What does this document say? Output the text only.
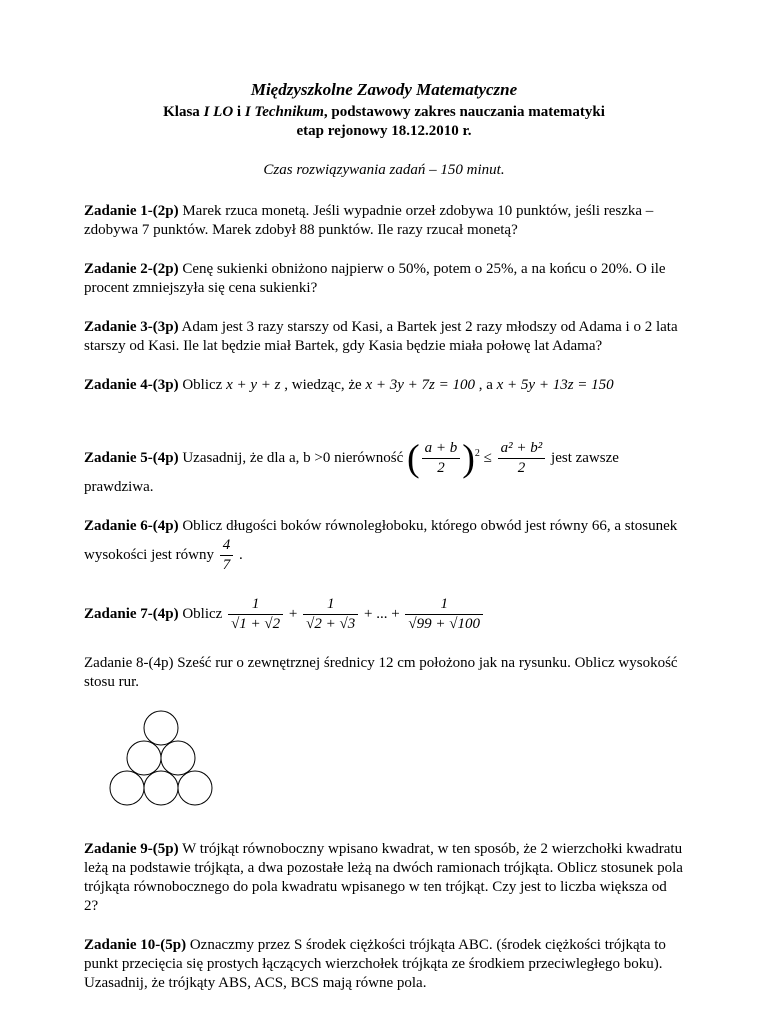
Międzyszkolne Zawody Matematyczne
Klasa I LO i I Technikum, podstawowy zakres nauczania matematyki
etap rejonowy 18.12.2010 r.
Czas rozwiązywania zadań – 150 minut.
Zadanie 1-(2p) Marek rzuca monetą. Jeśli wypadnie orzeł zdobywa 10 punktów, jeśli reszka – zdobywa 7 punktów. Marek zdobył 88 punktów. Ile razy rzucał monetą?
Zadanie 2-(2p) Cenę sukienki obniżono najpierw o 50%, potem o 25%, a na końcu o 20%. O ile procent zmniejszyła się cena sukienki?
Zadanie 3-(3p) Adam jest 3 razy starszy od Kasi, a Bartek jest 2 razy młodszy od Adama i o 2 lata starszy od Kasi. Ile lat będzie miał Bartek, gdy Kasia będzie miała połowę lat Adama?
Zadanie 4-(3p) Oblicz x + y + z , wiedząc, że x + 3y + 7z = 100 , a x + 5y + 13z = 150
Zadanie 5-(4p) Uzasadnij, że dla a, b >0 nierówność ( $\frac{a + b}{2} )^2 \le \frac{\text{a² + b²}}{2}$ jest zawsze
prawdziwa.
Zadanie 6-(4p) Oblicz długości boków równoległoboku, którego obwód jest równy 66, a stosunek wysokości jest równy $\frac{4}{7}$ .
Zadanie 7-(4p) Oblicz $\frac{1}{√1 + √2} + \frac{1}{√2 + √3}$ + ... + $\frac{1}{√99 + √100}$
Zadanie 8-(4p) Sześć rur o zewnętrznej średnicy 12 cm położono jak na rysunku. Oblicz wysokość stosu rur.
Zadanie 9-(5p) W trójkąt równoboczny wpisano kwadrat, w ten sposób, że 2 wierzchołki kwadratu leżą na podstawie trójkąta, a dwa pozostałe leżą na dwóch ramionach trójkąta. Oblicz stosunek pola trójkąta równobocznego do pola kwadratu wpisanego w ten trójkąt. Czy jest to liczba większa od 2?
Zadanie 10-(5p) Oznaczmy przez S środek ciężkości trójkąta ABC. (środek ciężkości trójkąta to punkt przecięcia się prostych łączących wierzchołek trójkąta ze środkiem przeciwległego boku). Uzasadnij, że trójkąty ABS, ACS, BCS mają równe pola.
